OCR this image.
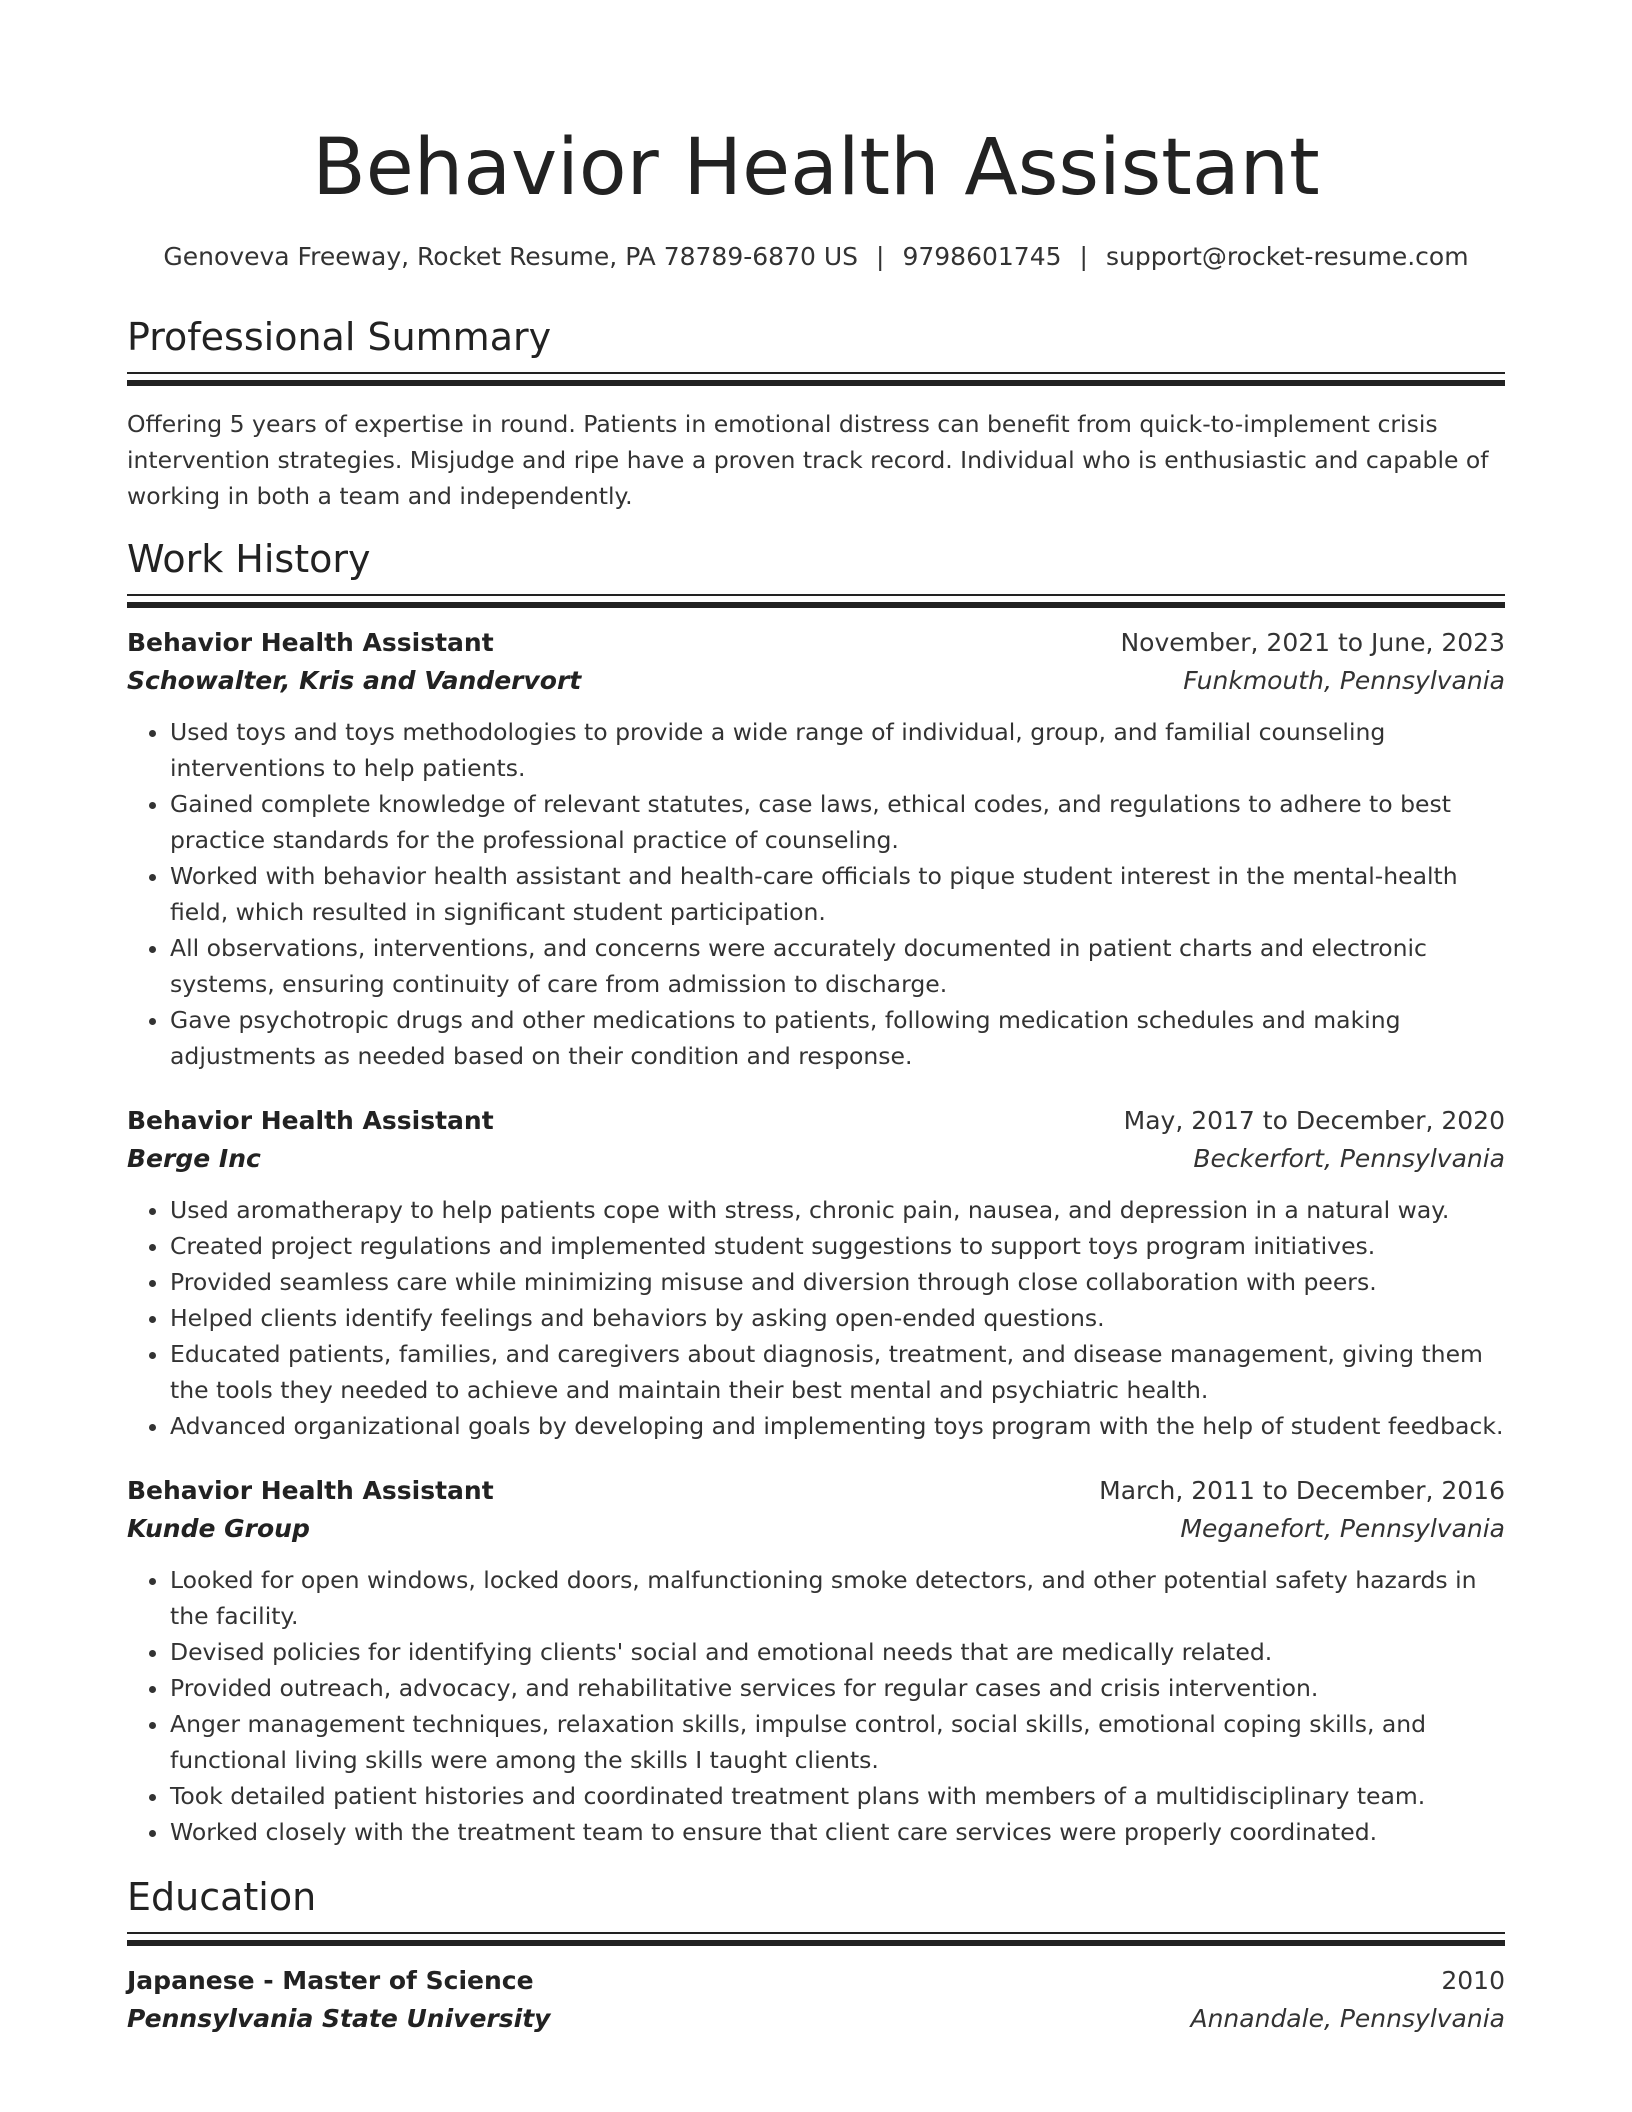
Behavior Health Assistant
Genoveva Freeway, Rocket Resume, PA 78789-6870 US | 9798601745 | support@rocket-resume.com
Professional Summary
Offering 5 years of expertise in round. Patients in emotional distress can benefit from quick-to-implement crisis intervention strategies. Misjudge and ripe have a proven track record. Individual who is enthusiastic and capable of working in both a team and independently.
Work History
Behavior Health Assistant	November, 2021 to June, 2023
Schowalter, Kris and Vandervort	Funkmouth, Pennsylvania
• Used toys and toys methodologies to provide a wide range of individual, group, and familial counseling interventions to help patients.
• Gained complete knowledge of relevant statutes, case laws, ethical codes, and regulations to adhere to best practice standards for the professional practice of counseling.
• Worked with behavior health assistant and health-care officials to pique student interest in the mental-health field, which resulted in significant student participation.
• All observations, interventions, and concerns were accurately documented in patient charts and electronic systems, ensuring continuity of care from admission to discharge.
• Gave psychotropic drugs and other medications to patients, following medication schedules and making adjustments as needed based on their condition and response.
Behavior Health Assistant	May, 2017 to December, 2020
Berge Inc	Beckerfort, Pennsylvania
• Used aromatherapy to help patients cope with stress, chronic pain, nausea, and depression in a natural way.
• Created project regulations and implemented student suggestions to support toys program initiatives.
• Provided seamless care while minimizing misuse and diversion through close collaboration with peers.
• Helped clients identify feelings and behaviors by asking open-ended questions.
• Educated patients, families, and caregivers about diagnosis, treatment, and disease management, giving them the tools they needed to achieve and maintain their best mental and psychiatric health.
• Advanced organizational goals by developing and implementing toys program with the help of student feedback.
Behavior Health Assistant	March, 2011 to December, 2016
Kunde Group	Meganefort, Pennsylvania
• Looked for open windows, locked doors, malfunctioning smoke detectors, and other potential safety hazards in the facility.
• Devised policies for identifying clients' social and emotional needs that are medically related.
• Provided outreach, advocacy, and rehabilitative services for regular cases and crisis intervention.
• Anger management techniques, relaxation skills, impulse control, social skills, emotional coping skills, and functional living skills were among the skills I taught clients.
• Took detailed patient histories and coordinated treatment plans with members of a multidisciplinary team.
• Worked closely with the treatment team to ensure that client care services were properly coordinated.
Education
Japanese - Master of Science	2010
Pennsylvania State University	Annandale, Pennsylvania
